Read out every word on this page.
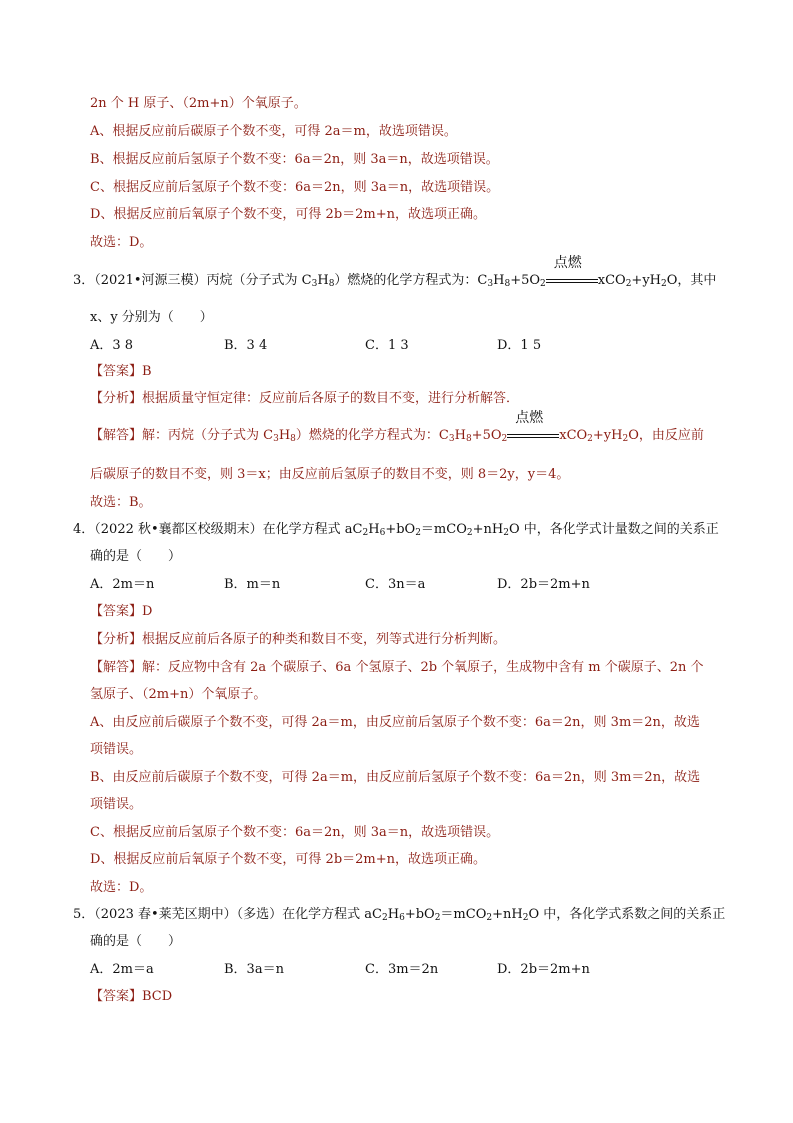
2n 个 H 原子、（2m+n）个氧原子。

A、根据反应前后碳原子个数不变，可得 2a＝m，故选项错误。

B、根据反应前后氢原子个数不变：6a＝2n，则 3a＝n，故选项错误。

C、根据反应前后氢原子个数不变：6a＝2n，则 3a＝n，故选项错误。

D、根据反应前后氧原子个数不变，可得 2b＝2m+n，故选项正确。

故选：D。

3．（2021•河源三模）丙烷（分子式为 $C_3H_8$）燃烧的化学方程式为：$C_3H_8+5O_2$
点燃
$xCO_2+yH_2O$，其中

x、y 分别为（　　）

A．3 8	B．3 4	C．1 3	D．1 5

【答案】B

【分析】根据质量守恒定律：反应前后各原子的数目不变，进行分析解答．

【解答】解：丙烷（分子式为 $C_3H_8$）燃烧的化学方程式为：$C_3H_8+5O_2$
点燃
$xCO_2+yH_2O$，由反应前

后碳原子的数目不变，则 3＝x；由反应前后氢原子的数目不变，则 8＝2y，y＝4。

故选：B。

4．（2022 秋•襄都区校级期末）在化学方程式 $aC_2H_6+bO_2=mCO_2+nH_2O$ 中，各化学式计量数之间的关系正

确的是（　　）

A．2m＝n	B．m＝n	C．3n＝a	D．2b＝2m+n

【答案】D

【分析】根据反应前后各原子的种类和数目不变，列等式进行分析判断。

【解答】解：反应物中含有 2a 个碳原子、6a 个氢原子、2b 个氧原子，生成物中含有 m 个碳原子、2n 个

氢原子、（2m+n）个氧原子。

A、由反应前后碳原子个数不变，可得 2a＝m，由反应前后氢原子个数不变：6a＝2n，则 3m＝2n，故选

项错误。

B、由反应前后碳原子个数不变，可得 2a＝m，由反应前后氢原子个数不变：6a＝2n，则 3m＝2n，故选

项错误。

C、根据反应前后氢原子个数不变：6a＝2n，则 3a＝n，故选项错误。

D、根据反应前后氧原子个数不变，可得 2b＝2m+n，故选项正确。

故选：D。

5．（2023 春•莱芜区期中）（多选）在化学方程式 $aC_2H_6+bO_2=mCO_2+nH_2O$ 中，各化学式系数之间的关系正

确的是（　　）

A．2m＝a	B．3a＝n	C．3m＝2n	D．2b＝2m+n

【答案】BCD
